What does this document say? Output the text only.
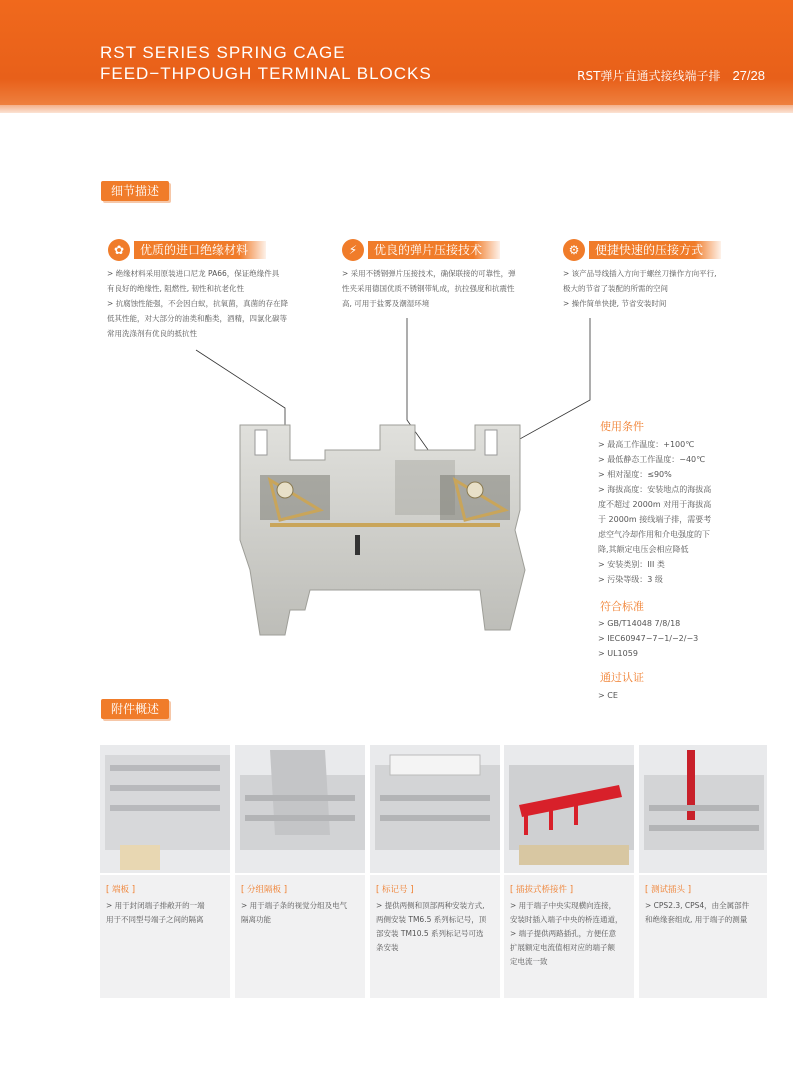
RST SERIES SPRING CAGE
FEED−THPOUGH TERMINAL BLOCKS	RST弹片直通式接线端子排 27/28
细节描述
✿	优质的进口绝缘材料
> 绝缘材料采用原装进口尼龙 PA66，保证绝缘件具
有良好的绝缘性, 阻燃性, 韧性和抗老化性
> 抗腐蚀性能强，不会因白蚁，抗氧菌，真菌的存在降
低其性能，对大部分的油类和酯类，酒精，四氯化碳等
常用洗涤剂有优良的抵抗性
⚡	优良的弹片压接技术
> 采用不锈钢弹片压接技术，确保联接的可靠性，弹
性夹采用德国优质不锈钢带轧成，抗拉强度和抗震性
高, 可用于盐雾及潮湿环境
⚙	便捷快速的压接方式
> 该产品导线插入方向于螺丝刀操作方向平行,
极大的节省了装配的所需的空间
> 操作简单快捷, 节省安装时间
使用条件
> 最高工作温度：+100℃
> 最低静态工作温度：−40℃
> 相对湿度：≤90%
> 海拔高度：安装地点的海拔高
度不超过 2000m 对用于海拔高
于 2000m 接线端子排，需要考
虑空气冷却作用和介电强度的下
降,其额定电压会相应降低
> 安装类别：III 类
> 污染等级：3 级
符合标准
> GB/T14048 7/8/18
> IEC60947−7−1/−2/−3
> UL1059
通过认证
> CE
附件概述
[ 端板 ]
> 用于封闭端子排敞开的一端
用于不同型号端子之间的隔离
[ 分组隔板 ]
> 用于端子条的视觉分组及电气
隔离功能
[ 标记号 ]
> 提供两侧和顶部两种安装方式,
两侧安装 TM6.5 系列标记号，顶
部安装 TM10.5 系列标记号可选
条安装
[ 插拔式桥接件 ]
> 用于端子中央实现横向连接，
安装时插入端子中央的桥连通道，
> 端子提供两路插孔，方便任意
扩展额定电流值相对应的端子额
定电流一致
[ 测试插头 ]
> CPS2.3, CPS4，由全属部件
和绝缘套组成, 用于端子的测量
